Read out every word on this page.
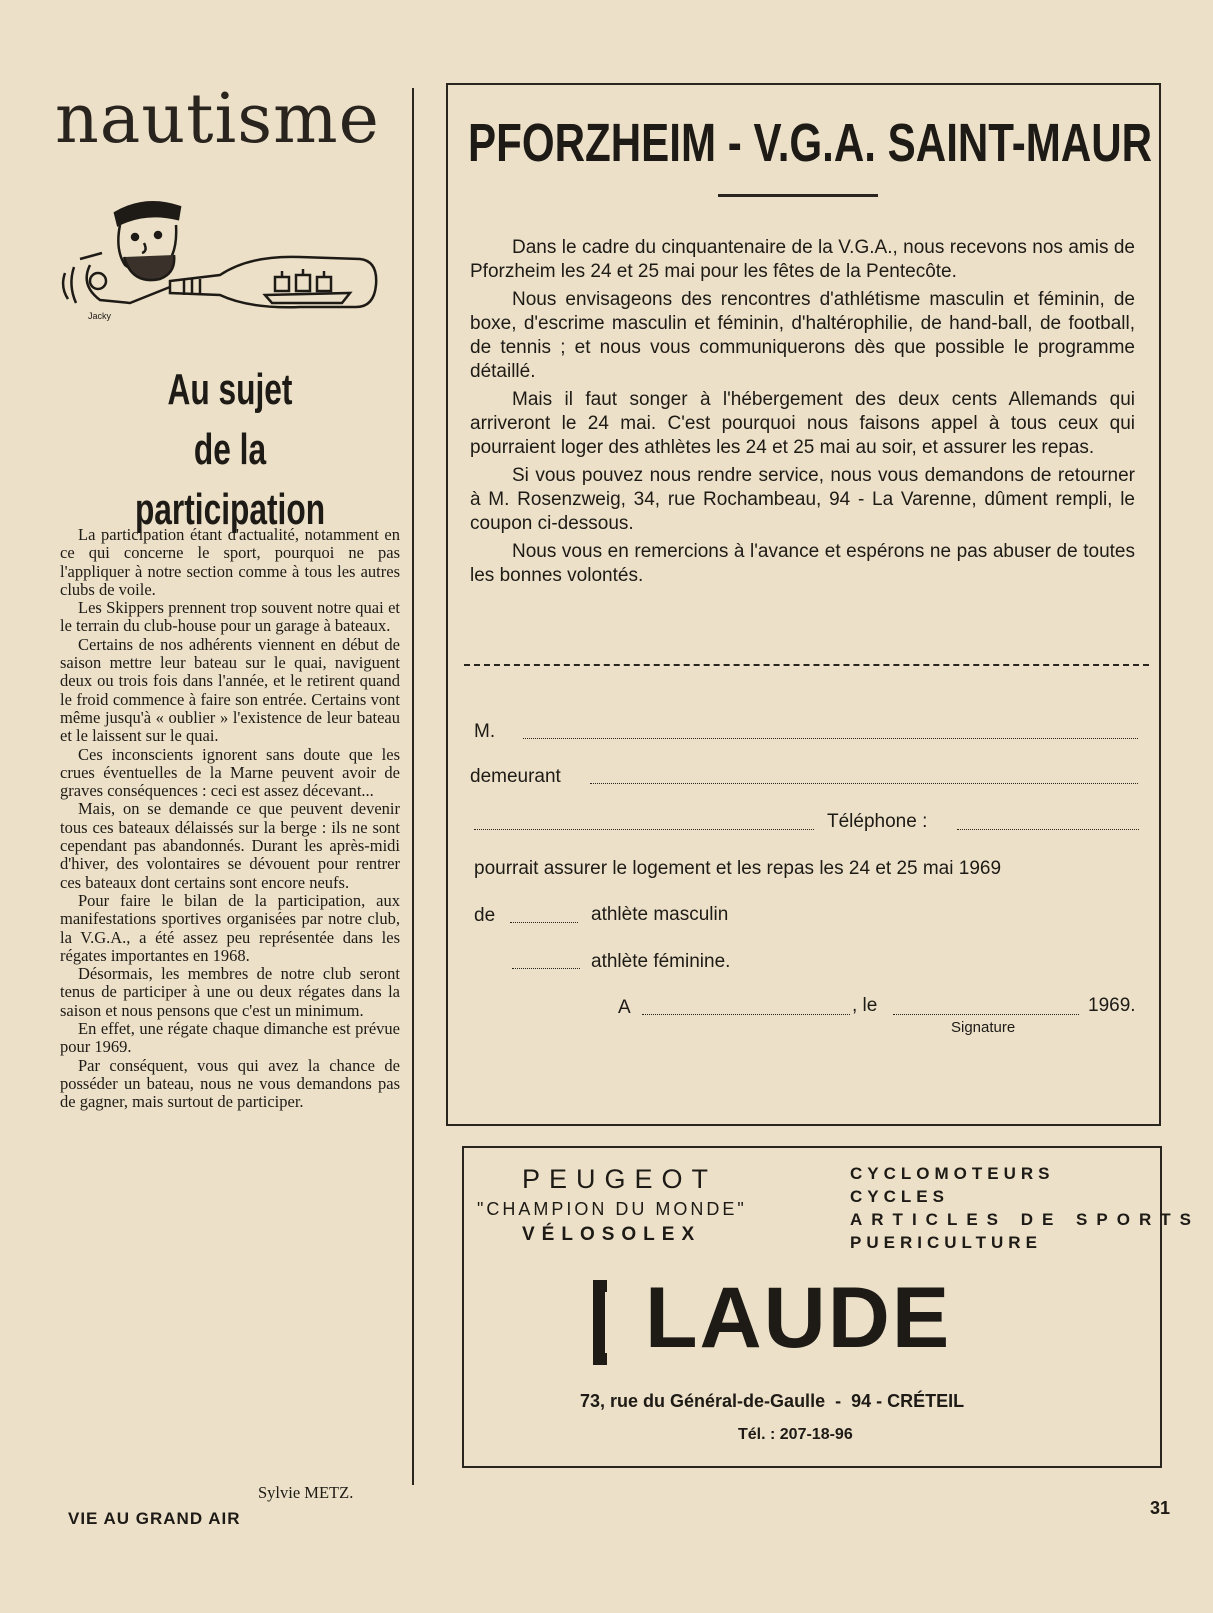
nautisme
Jacky
Au sujet
de la participation

La participation étant d'actualité, notamment en ce qui concerne le sport, pourquoi ne pas l'appliquer à notre section comme à tous les autres clubs de voile.

Les Skippers prennent trop souvent notre quai et le terrain du club-house pour un garage à bateaux.

Certains de nos adhérents viennent en début de saison mettre leur bateau sur le quai, naviguent deux ou trois fois dans l'année, et le retirent quand le froid commence à faire son entrée. Certains vont même jusqu'à « oublier » l'existence de leur bateau et le laissent sur le quai.

Ces inconscients ignorent sans doute que les crues éventuelles de la Marne peuvent avoir de graves conséquences : ceci est assez décevant...

Mais, on se demande ce que peuvent devenir tous ces bateaux délaissés sur la berge : ils ne sont cependant pas abandonnés. Durant les après-midi d'hiver, des volontaires se dévouent pour rentrer ces bateaux dont certains sont encore neufs.

Pour faire le bilan de la participation, aux manifestations sportives organisées par notre club, la V.G.A., a été assez peu représentée dans les régates importantes en 1968.

Désormais, les membres de notre club seront tenus de participer à une ou deux régates dans la saison et nous pensons que c'est un minimum.

En effet, une régate chaque dimanche est prévue pour 1969.

Par conséquent, vous qui avez la chance de posséder un bateau, nous ne vous demandons pas de gagner, mais surtout de participer.

Sylvie METZ.
PFORZHEIM - V.G.A. SAINT-MAUR

Dans le cadre du cinquantenaire de la V.G.A., nous recevons nos amis de Pforzheim les 24 et 25 mai pour les fêtes de la Pentecôte.

Nous envisageons des rencontres d'athlétisme masculin et féminin, de boxe, d'escrime masculin et féminin, d'haltérophilie, de hand-ball, de football, de tennis ; et nous vous communiquerons dès que possible le programme détaillé.

Mais il faut songer à l'hébergement des deux cents Allemands qui arriveront le 24 mai. C'est pourquoi nous faisons appel à tous ceux qui pourraient loger des athlètes les 24 et 25 mai au soir, et assurer les repas.

Si vous pouvez nous rendre service, nous vous demandons de retourner à M. Rosenzweig, 34, rue Rochambeau, 94 - La Varenne, dûment rempli, le coupon ci-dessous.

Nous vous en remercions à l'avance et espérons ne pas abuser de toutes les bonnes volontés.

M.
demeurant
Téléphone :
pourrait assurer le logement et les repas les 24 et 25 mai 1969
de	athlète masculin
athlète féminine.
A	, le	1969.
Signature
PEUGEOT
"CHAMPION DU MONDE"
VÉLOSOLEX
CYCLOMOTEURS
CYCLES
ARTICLES DE SPORTS
PUERICULTURE
LAUDE
73, rue du Général-de-Gaulle  -  94 - CRÉTEIL
Tél. : 207-18-96
VIE AU GRAND AIR
31
